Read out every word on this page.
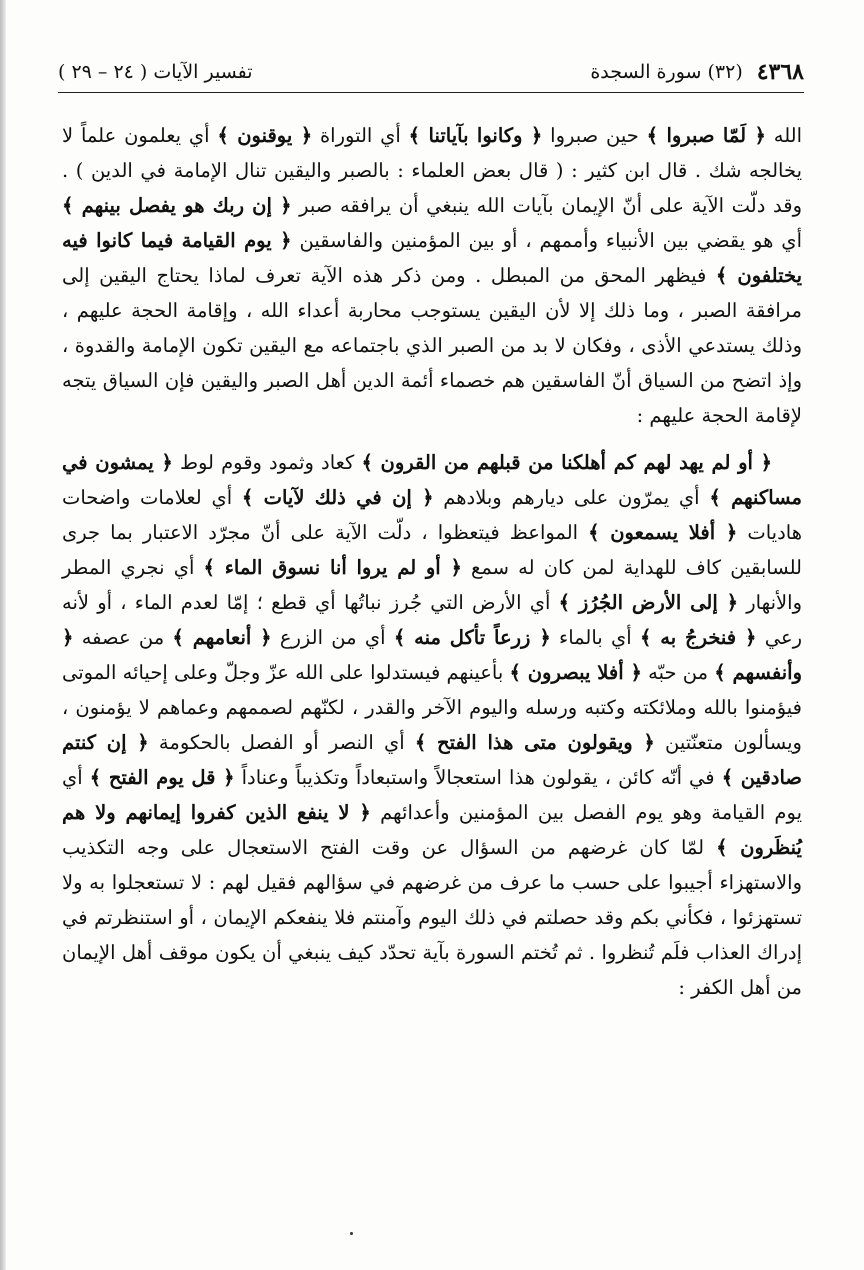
٤٣٦٨
(٣٢) سورة السجدة
تفسير الآيات ( ٢٤ – ٢٩ )

الله ﴿ لَمّا صبروا ﴾ حين صبروا ﴿ وكانوا بآياتنا ﴾ أي التوراة ﴿ يوقنون ﴾ أي يعلمون علماً لا يخالجه شك . قال ابن كثير : ( قال بعض العلماء : بالصبر واليقين تنال الإمامة في الدين ) . وقد دلّت الآية على أنّ الإيمان بآيات الله ينبغي أن يرافقه صبر ﴿ إن ربك هو يفصل بينهم ﴾ أي هو يقضي بين الأنبياء وأممهم ، أو بين المؤمنين والفاسقين ﴿ يوم القيامة فيما كانوا فيه يختلفون ﴾ فيظهر المحق من المبطل . ومن ذكر هذه الآية تعرف لماذا يحتاج اليقين إلى مرافقة الصبر ، وما ذلك إلا لأن اليقين يستوجب محاربة أعداء الله ، وإقامة الحجة عليهم ، وذلك يستدعي الأذى ، وفكان لا بد من الصبر الذي باجتماعه مع اليقين تكون الإمامة والقدوة ، وإذ اتضح من السياق أنّ الفاسقين هم خصماء أئمة الدين أهل الصبر واليقين فإن السياق يتجه لإقامة الحجة عليهم :

﴿ أو لم يهد لهم كم أهلكنا من قبلهم من القرون ﴾ كعاد وثمود وقوم لوط ﴿ يمشون في مساكنهم ﴾ أي يمرّون على ديارهم وبلادهم ﴿ إن في ذلك لآيات ﴾ أي لعلامات واضحات هاديات ﴿ أفلا يسمعون ﴾ المواعظ فيتعظوا ، دلّت الآية على أنّ مجرّد الاعتبار بما جرى للسابقين كاف للهداية لمن كان له سمع ﴿ أو لم يروا أنا نسوق الماء ﴾ أي نجري المطر والأنهار ﴿ إلى الأرض الجُرُز ﴾ أي الأرض التي جُرز نباتُها أي قطع ؛ إمّا لعدم الماء ، أو لأنه رعي ﴿ فنخرجُ به ﴾ أي بالماء ﴿ زرعاً تأكل منه ﴾ أي من الزرع ﴿ أنعامهم ﴾ من عصفه ﴿ وأنفسهم ﴾ من حبّه ﴿ أفلا يبصرون ﴾ بأعينهم فيستدلوا على الله عزّ وجلّ وعلى إحيائه الموتى فيؤمنوا بالله وملائكته وكتبه ورسله واليوم الآخر والقدر ، لكنّهم لصممهم وعماهم لا يؤمنون ، ويسألون متعنّتين ﴿ ويقولون متى هذا الفتح ﴾ أي النصر أو الفصل بالحكومة ﴿ إن كنتم صادقين ﴾ في أنّه كائن ، يقولون هذا استعجالاً واستبعاداً وتكذيباً وعناداً ﴿ قل يوم الفتح ﴾ أي يوم القيامة وهو يوم الفصل بين المؤمنين وأعدائهم ﴿ لا ينفع الذين كفروا إيمانهم ولا هم يُنظَرون ﴾ لمّا كان غرضهم من السؤال عن وقت الفتح الاستعجال على وجه التكذيب والاستهزاء أجيبوا على حسب ما عرف من غرضهم في سؤالهم فقيل لهم : لا تستعجلوا به ولا تستهزئوا ، فكأني بكم وقد حصلتم في ذلك اليوم وآمنتم فلا ينفعكم الإيمان ، أو استنظرتم في إدراك العذاب فلَم تُنظروا . ثم تُختم السورة بآية تحدّد كيف ينبغي أن يكون موقف أهل الإيمان من أهل الكفر :
